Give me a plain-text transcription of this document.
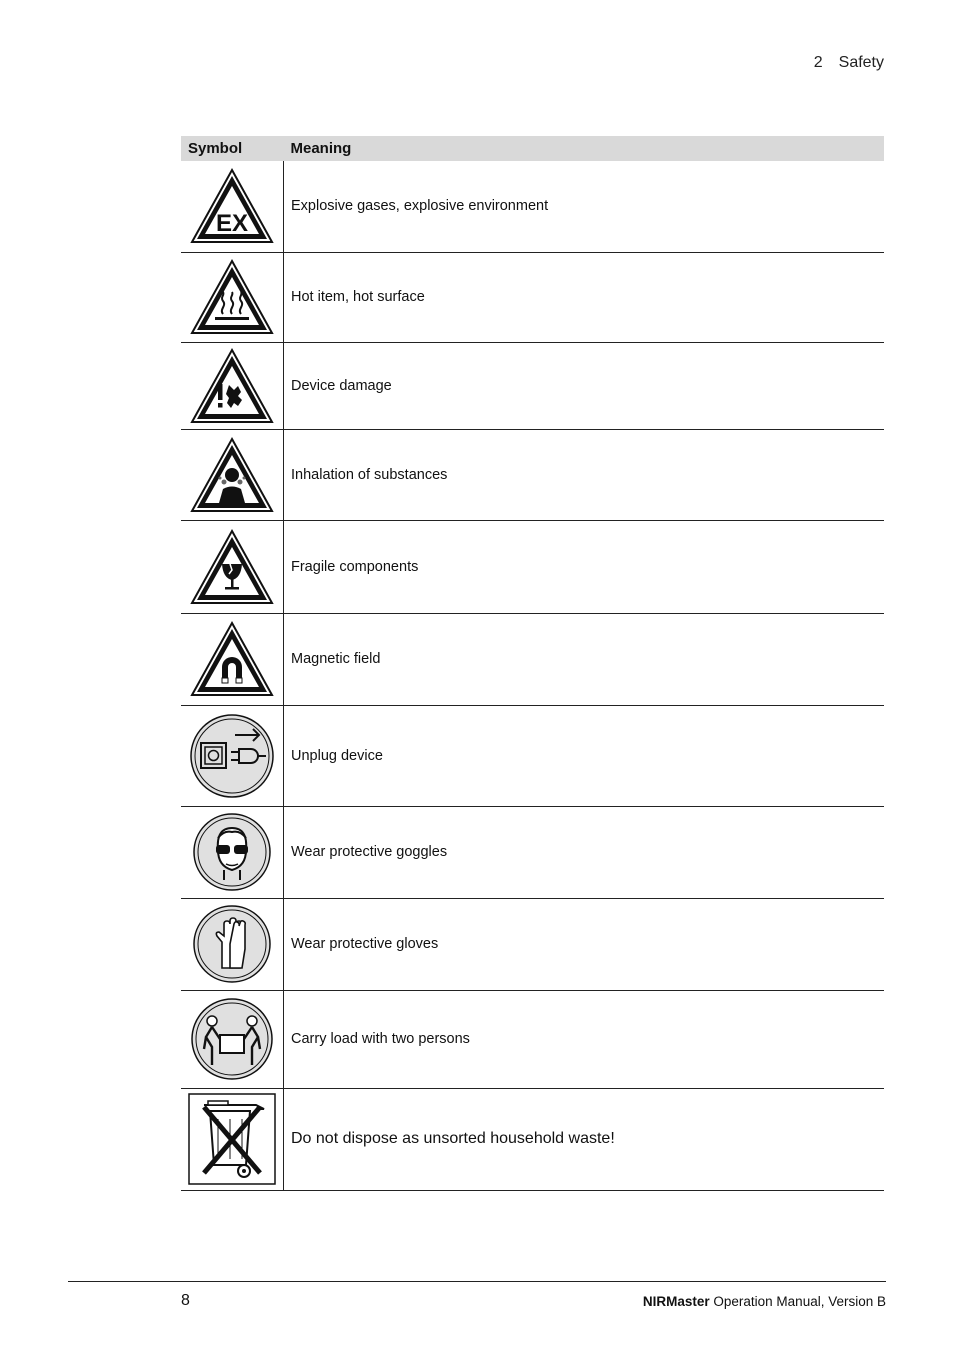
2 Safety
Symbol	Meaning

EX	Explosive gases, explosive environment

	Hot item, hot surface

	Device damage

	Inhalation of substances

	Fragile components

	Magnetic field

	Unplug device

	Wear protective goggles

	Wear protective gloves

	Carry load with two persons

	Do not dispose as unsorted household waste!
8	NIRMaster Operation Manual, Version B
